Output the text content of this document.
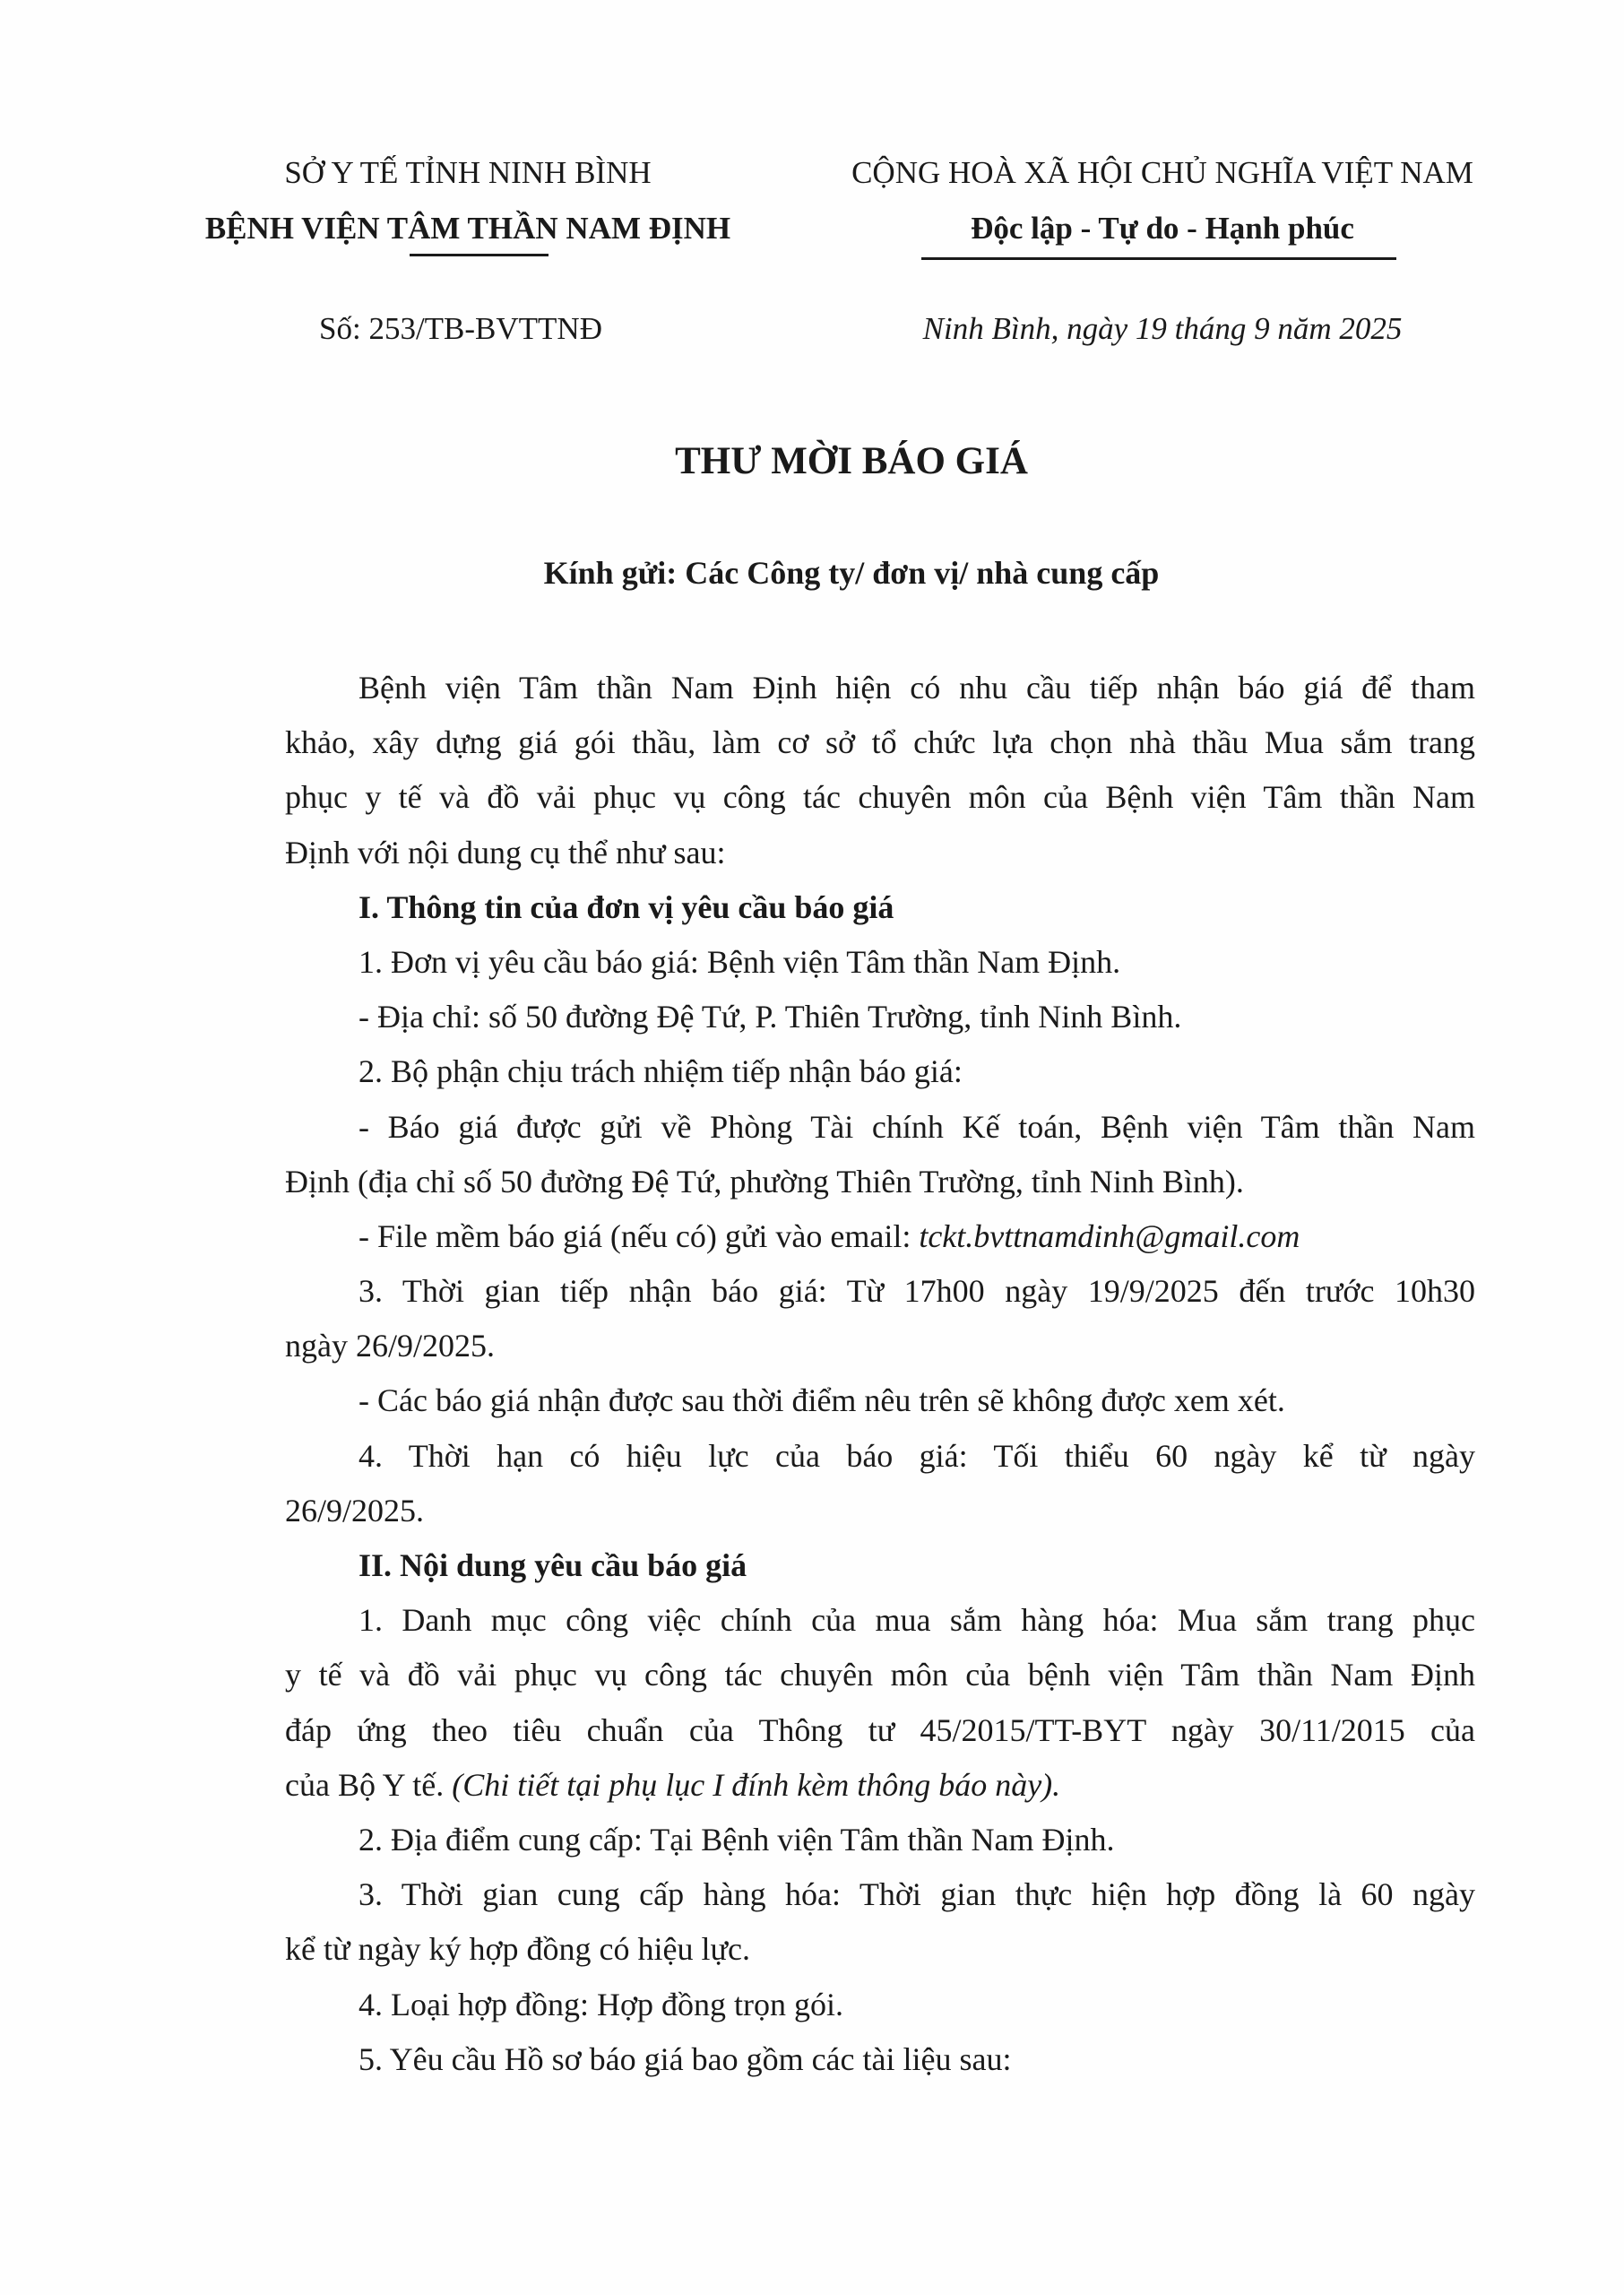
SỞ Y TẾ TỈNH NINH BÌNH
BỆNH VIỆN TÂM THẦN NAM ĐỊNH
CỘNG HOÀ XÃ HỘI CHỦ NGHĨA VIỆT NAM
Độc lập - Tự do - Hạnh phúc
Số: 253/TB-BVTTNĐ	Ninh Bình, ngày 19 tháng 9 năm 2025
THƯ MỜI BÁO GIÁ
Kính gửi: Các Công ty/ đơn vị/ nhà cung cấp
Bệnh viện Tâm thần Nam Định hiện có nhu cầu tiếp nhận báo giá để tham
khảo, xây dựng giá gói thầu, làm cơ sở tổ chức lựa chọn nhà thầu Mua sắm trang
phục y tế và đồ vải phục vụ công tác chuyên môn của Bệnh viện Tâm thần Nam
Định với nội dung cụ thể như sau:
I. Thông tin của đơn vị yêu cầu báo giá
1. Đơn vị yêu cầu báo giá: Bệnh viện Tâm thần Nam Định.
- Địa chỉ: số 50 đường Đệ Tứ, P. Thiên Trường, tỉnh Ninh Bình.
2. Bộ phận chịu trách nhiệm tiếp nhận báo giá:
- Báo giá được gửi về Phòng Tài chính Kế toán, Bệnh viện Tâm thần Nam
Định (địa chỉ số 50 đường Đệ Tứ, phường Thiên Trường, tỉnh Ninh Bình).
- File mềm báo giá (nếu có) gửi vào email: tckt.bvttnamdinh@gmail.com
3. Thời gian tiếp nhận báo giá: Từ 17h00 ngày 19/9/2025 đến trước 10h30
ngày 26/9/2025.
- Các báo giá nhận được sau thời điểm nêu trên sẽ không được xem xét.
4. Thời hạn có hiệu lực của báo giá: Tối thiểu 60 ngày kể từ ngày
26/9/2025.
II. Nội dung yêu cầu báo giá
1. Danh mục công việc chính của mua sắm hàng hóa: Mua sắm trang phục
y tế và đồ vải phục vụ công tác chuyên môn của bệnh viện Tâm thần Nam Định
đáp ứng theo tiêu chuẩn của Thông tư 45/2015/TT-BYT ngày 30/11/2015 của
của Bộ Y tế. (Chi tiết tại phụ lục I đính kèm thông báo này).
2. Địa điểm cung cấp: Tại Bệnh viện Tâm thần Nam Định.
3. Thời gian cung cấp hàng hóa: Thời gian thực hiện hợp đồng là 60 ngày
kể từ ngày ký hợp đồng có hiệu lực.
4. Loại hợp đồng: Hợp đồng trọn gói.
5. Yêu cầu Hồ sơ báo giá bao gồm các tài liệu sau:
